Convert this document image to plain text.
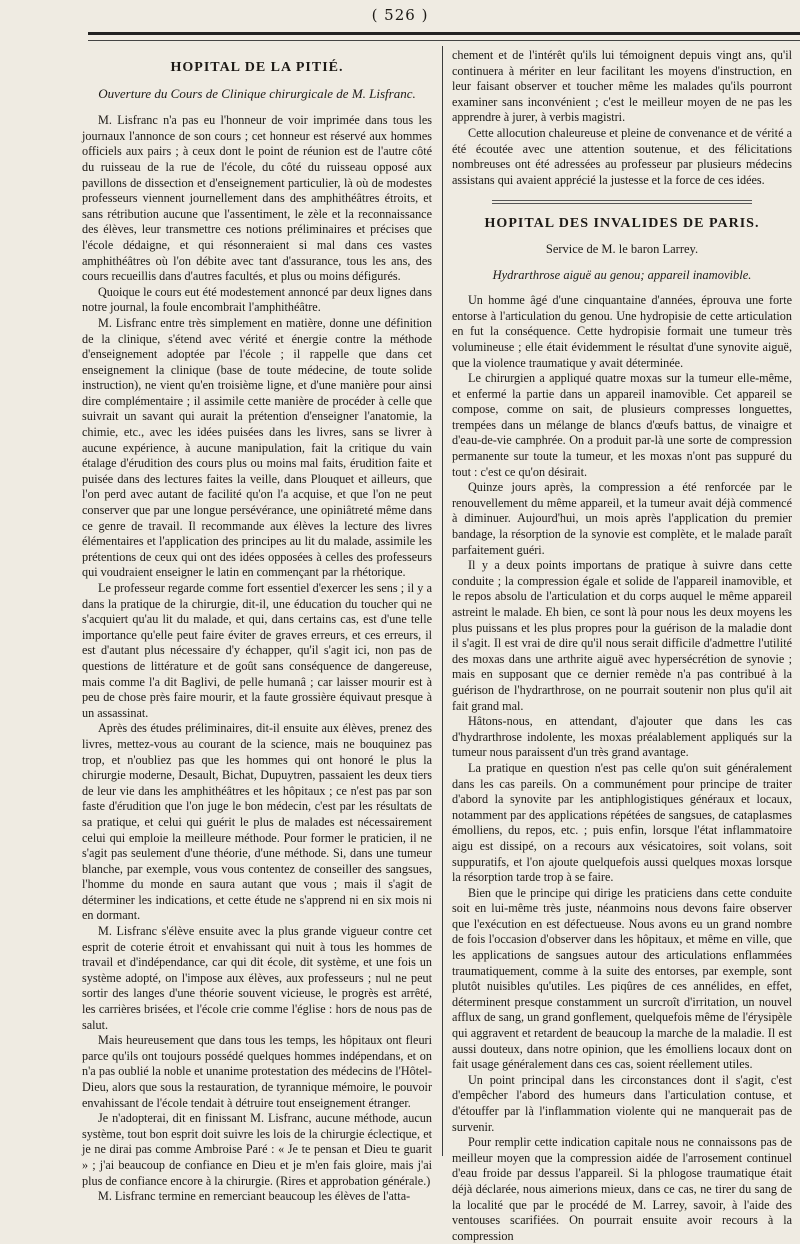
( 526 )
HOPITAL DE LA PITIÉ.
Ouverture du Cours de Clinique chirurgicale de M. Lisfranc.

M. Lisfranc n'a pas eu l'honneur de voir imprimée dans tous les journaux l'annonce de son cours ; cet honneur est réservé aux hommes officiels aux pairs ; à ceux dont le point de réunion est de l'autre côté du ruisseau de la rue de l'école, du côté du ruisseau opposé aux pavillons de dissection et d'enseignement particulier, là où de modestes professeurs viennent journellement dans des amphithéâtres étroits, et sans rétribution aucune que l'assentiment, le zèle et la reconnaissance des élèves, leur transmettre ces notions préliminaires et précises que l'école dédaigne, et qui résonneraient si mal dans ces vastes amphithéâtres où l'on débite avec tant d'assurance, tous les ans, des cours recueillis dans d'autres facultés, et plus ou moins défigurés.

Quoique le cours eut été modestement annoncé par deux lignes dans notre journal, la foule encombrait l'amphithéâtre.

M. Lisfranc entre très simplement en matière, donne une définition de la clinique, s'étend avec vérité et énergie contre la méthode d'enseignement adoptée par l'école ; il rappelle que dans cet enseignement la clinique (base de toute médecine, de toute solide instruction), ne vient qu'en troisième ligne, et d'une manière pour ainsi dire complémentaire ; il assimile cette manière de procéder à celle que suivrait un savant qui aurait la prétention d'enseigner l'anatomie, la chimie, etc., avec les idées puisées dans les livres, sans se livrer à aucune expérience, à aucune manipulation, fait la critique du vain étalage d'érudition des cours plus ou moins mal faits, érudition faite et puisée dans des lectures faites la veille, dans Plouquet et ailleurs, que l'on perd avec autant de facilité qu'on l'a acquise, et que l'on ne peut conserver que par une longue persévérance, une opiniâtreté même dans ce genre de travail. Il recommande aux élèves la lecture des livres élémentaires et l'application des principes au lit du malade, assimile les prétentions de ceux qui ont des idées opposées à celles des professeurs qui voudraient enseigner le latin en commençant par la rhétorique.

Le professeur regarde comme fort essentiel d'exercer les sens ; il y a dans la pratique de la chirurgie, dit-il, une éducation du toucher qui ne s'acquiert qu'au lit du malade, et qui, dans certains cas, est d'une telle importance qu'elle peut faire éviter de graves erreurs, et ces erreurs, il est d'autant plus nécessaire d'y échapper, qu'il s'agit ici, non pas de questions de littérature et de goût sans conséquence de dangereuse, mais comme l'a dit Baglivi, de pelle humanâ ; car laisser mourir est à peu de chose près faire mourir, et la faute grossière équivaut presque à un assassinat.

Après des études préliminaires, dit-il ensuite aux élèves, prenez des livres, mettez-vous au courant de la science, mais ne bouquinez pas trop, et n'oubliez pas que les hommes qui ont honoré le plus la chirurgie moderne, Desault, Bichat, Dupuytren, passaient les deux tiers de leur vie dans les amphithéâtres et les hôpitaux ; ce n'est pas par son faste d'érudition que l'on juge le bon médecin, c'est par les résultats de sa pratique, et celui qui guérit le plus de malades est nécessairement celui qui emploie la meilleure méthode. Pour former le praticien, il ne s'agit pas seulement d'une théorie, d'une méthode. Si, dans une tumeur blanche, par exemple, vous vous contentez de conseiller des sangsues, l'homme du monde en saura autant que vous ; mais il s'agit de déterminer les indications, et cette étude ne s'apprend ni en six mois ni en dormant.

M. Lisfranc s'élève ensuite avec la plus grande vigueur contre cet esprit de coterie étroit et envahissant qui nuit à tous les hommes de travail et d'indépendance, car qui dit école, dit système, et une fois un système adopté, on l'impose aux élèves, aux professeurs ; nul ne peut sortir des langes d'une théorie souvent vicieuse, le progrès est arrêté, les carrières brisées, et l'école crie comme l'église : hors de nous pas de salut.

Mais heureusement que dans tous les temps, les hôpitaux ont fleuri parce qu'ils ont toujours possédé quelques hommes indépendans, et on n'a pas oublié la noble et unanime protestation des médecins de l'Hôtel-Dieu, alors que sous la restauration, de tyrannique mémoire, le pouvoir envahissant de l'école tendait à détruire tout enseignement étranger.

Je n'adopterai, dit en finissant M. Lisfranc, aucune méthode, aucun système, tout bon esprit doit suivre les lois de la chirurgie éclectique, et je ne dirai pas comme Ambroise Paré : « Je te pensan et Dieu te guarit » ; j'ai beaucoup de confiance en Dieu et je m'en fais gloire, mais j'ai plus de confiance encore à la chirurgie. (Rires et approbation générale.)

M. Lisfranc termine en remerciant beaucoup les élèves de l'atta-

chement et de l'intérêt qu'ils lui témoignent depuis vingt ans, qu'il continuera à mériter en leur facilitant les moyens d'instruction, en leur faisant observer et toucher même les malades qu'ils pourront examiner sans inconvénient ; c'est le meilleur moyen de ne pas les apprendre à jurer, à verbis magistri.

Cette allocution chaleureuse et pleine de convenance et de vérité a été écoutée avec une attention soutenue, et des félicitations nombreuses ont été adressées au professeur par plusieurs médecins assistans qui avaient apprécié la justesse et la force de ces idées.

HOPITAL DES INVALIDES DE PARIS.
Service de M. le baron Larrey.
Hydrarthrose aiguë au genou; appareil inamovible.

Un homme âgé d'une cinquantaine d'années, éprouva une forte entorse à l'articulation du genou. Une hydropisie de cette articulation en fut la conséquence. Cette hydropisie formait une tumeur très volumineuse ; elle était évidemment le résultat d'une synovite aiguë, que la violence traumatique y avait déterminée.

Le chirurgien a appliqué quatre moxas sur la tumeur elle-même, et enfermé la partie dans un appareil inamovible. Cet appareil se compose, comme on sait, de plusieurs compresses longuettes, trempées dans un mélange de blancs d'œufs battus, de vinaigre et d'eau-de-vie camphrée. On a produit par-là une sorte de compression permanente sur toute la tumeur, et les moxas n'ont pas suppuré du tout : c'est ce qu'on désirait.

Quinze jours après, la compression a été renforcée par le renouvellement du même appareil, et la tumeur avait déjà commencé à diminuer. Aujourd'hui, un mois après l'application du premier bandage, la résorption de la synovie est complète, et le malade paraît parfaitement guéri.

Il y a deux points importans de pratique à suivre dans cette conduite ; la compression égale et solide de l'appareil inamovible, et le repos absolu de l'articulation et du corps auquel le même appareil astreint le malade. Eh bien, ce sont là pour nous les deux moyens les plus puissans et les plus propres pour la guérison de la maladie dont il s'agit. Il est vrai de dire qu'il nous serait difficile d'admettre l'utilité des moxas dans une arthrite aiguë avec hypersécrétion de synovie ; mais en supposant que ce dernier remède n'a pas contribué à la guérison de l'hydrarthrose, on ne pourrait soutenir non plus qu'il ait fait grand mal.

Hâtons-nous, en attendant, d'ajouter que dans les cas d'hydrarthrose indolente, les moxas préalablement appliqués sur la tumeur nous paraissent d'un très grand avantage.

La pratique en question n'est pas celle qu'on suit généralement dans les cas pareils. On a communément pour principe de traiter d'abord la synovite par les antiphlogistiques généraux et locaux, notamment par des applications répétées de sangsues, de cataplasmes émolliens, du repos, etc. ; puis enfin, lorsque l'état inflammatoire aigu est dissipé, on a recours aux vésicatoires, soit volans, soit suppuratifs, et l'on ajoute quelquefois aussi quelques moxas lorsque la résorption tarde trop à se faire.

Bien que le principe qui dirige les praticiens dans cette conduite soit en lui-même très juste, néanmoins nous devons faire observer que l'exécution en est défectueuse. Nous avons eu un grand nombre de fois l'occasion d'observer dans les hôpitaux, et même en ville, que les applications de sangsues autour des articulations enflammées traumatiquement, comme à la suite des entorses, par exemple, sont plutôt nuisibles qu'utiles. Les piqûres de ces annélides, en effet, déterminent presque constamment un surcroît d'irritation, un nouvel afflux de sang, un grand gonflement, quelquefois même de l'érysipèle qui aggravent et retardent de beaucoup la marche de la maladie. Il est aussi douteux, dans notre opinion, que les émolliens locaux dont on fait usage généralement dans ces cas, soient réellement utiles.

Un point principal dans les circonstances dont il s'agit, c'est d'empêcher l'abord des humeurs dans l'articulation contuse, et d'étouffer par là l'inflammation violente qui ne manquerait pas de survenir.

Pour remplir cette indication capitale nous ne connaissons pas de meilleur moyen que la compression aidée de l'arrosement continuel d'eau froide par dessus l'appareil. Si la phlogose traumatique était déjà déclarée, nous aimerions mieux, dans ce cas, ne tirer du sang de la localité que par le procédé de M. Larrey, savoir, à l'aide des ventouses scarifiées. On pourrait ensuite avoir recours à la compression
